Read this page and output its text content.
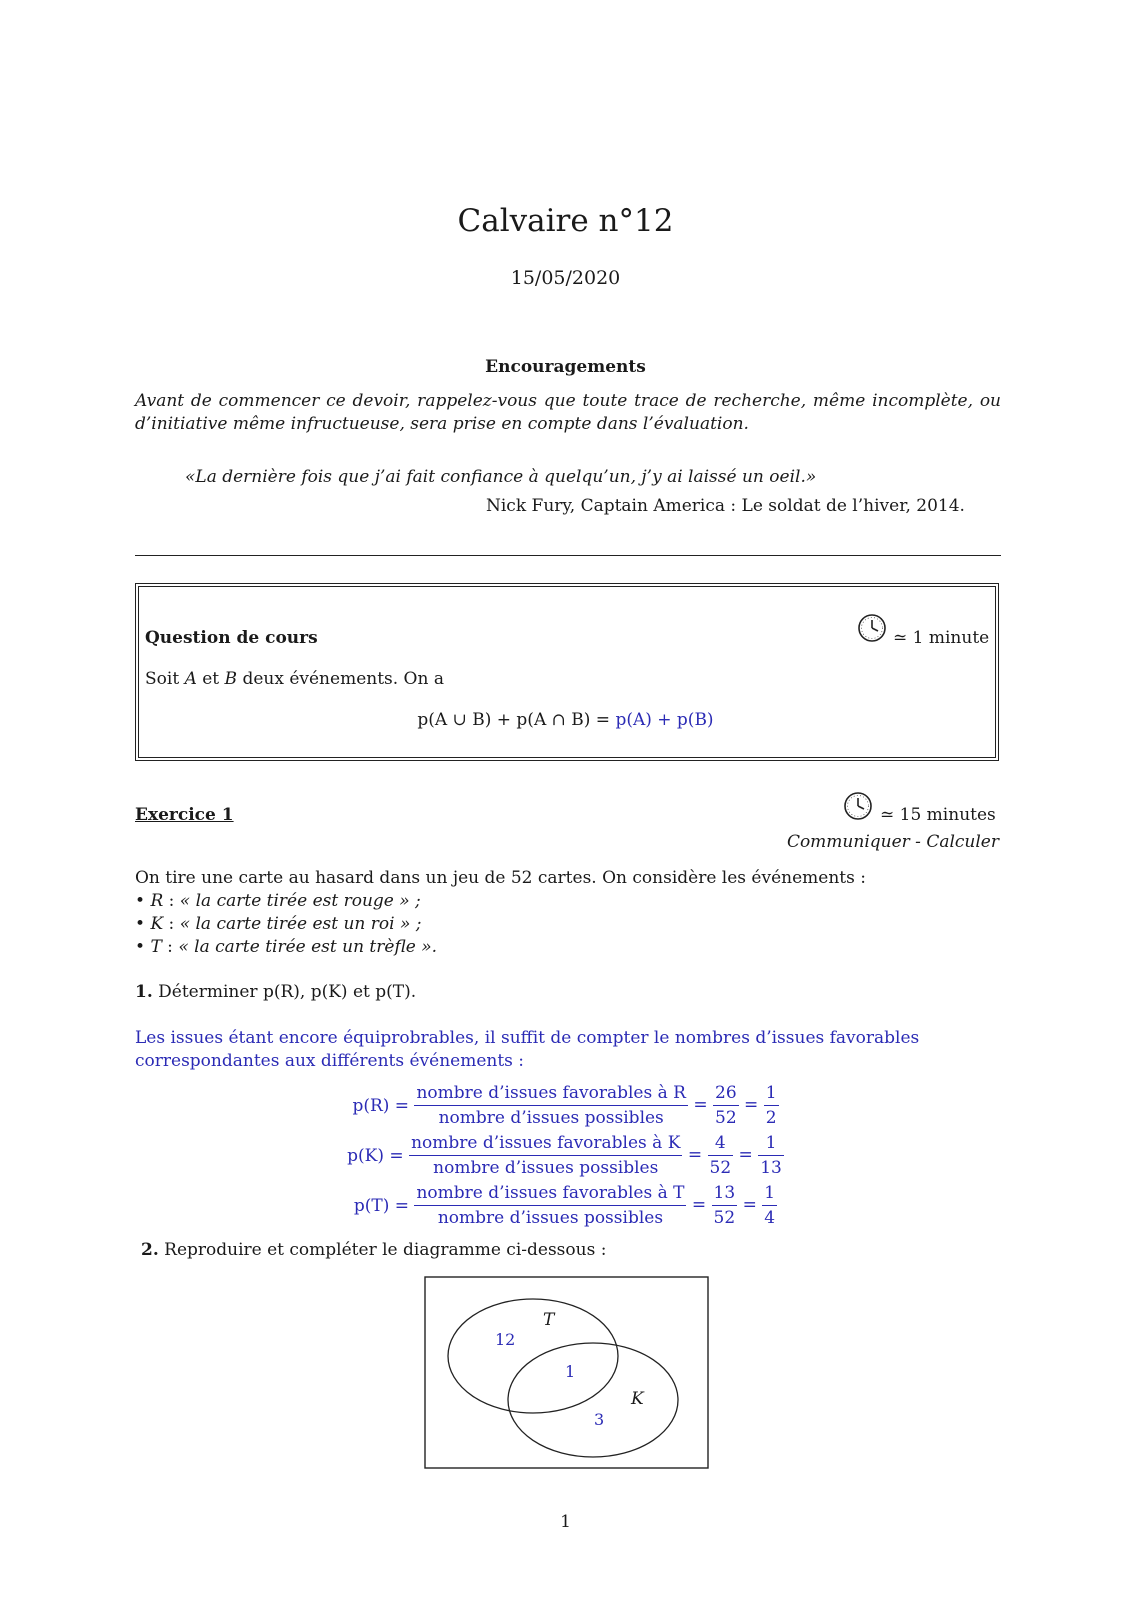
Calvaire n°12
15/05/2020
Encouragements
Avant de commencer ce devoir, rappelez-vous que toute trace de recherche, même incomplète, ou d’initiative même infructueuse, sera prise en compte dans l’évaluation.
«La dernière fois que j’ai fait confiance à quelqu’un, j’y ai laissé un oeil.»
Nick Fury, Captain America : Le soldat de l’hiver, 2014.
Question de cours	≃ 1 minute
Soit A et B deux événements. On a
p(A ∪ B) + p(A ∩ B) = p(A) + p(B)
Exercice 1	≃ 15 minutes
Communiquer - Calculer
On tire une carte au hasard dans un jeu de 52 cartes. On considère les événements :
• R : « la carte tirée est rouge » ;
• K : « la carte tirée est un roi » ;
• T : « la carte tirée est un trèfle ».
1. Déterminer p(R), p(K) et p(T).
Les issues étant encore équiprobrables, il suffit de compter le nombres d’issues favorables correspondantes aux différents événements :
$p(R) = \frac{\text{nombre d’issues favorables à R}}{\text{nombre d’issues possibles}} = \frac{26}{52} = \frac{1}{2}$
$p(K) = \frac{\text{nombre d’issues favorables à K}}{\text{nombre d’issues possibles}} = \frac{4}{52} = \frac{1}{13}$
$p(T) = \frac{\text{nombre d’issues favorables à T}}{\text{nombre d’issues possibles}} = \frac{13}{52} = \frac{1}{4}$
2. Reproduire et compléter le diagramme ci-dessous :
T
K
12
1
3
1
